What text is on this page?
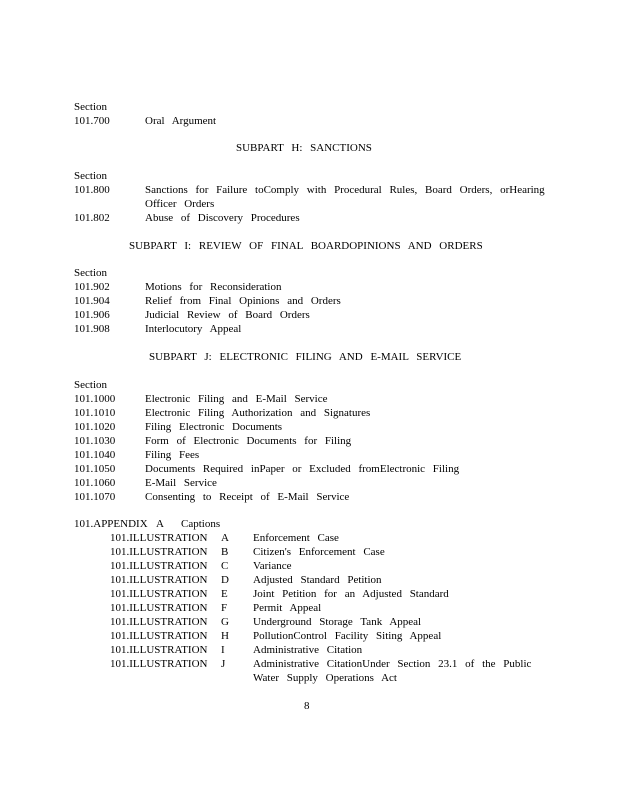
Section
101.700	Oral Argument
SUBPART H: SANCTIONS
Section
101.800	Sanctions for Failure toComply with Procedural Rules, Board Orders, orHearing
Officer Orders
101.802	Abuse of Discovery Procedures
SUBPART I: REVIEW OF FINAL BOARDOPINIONS AND ORDERS
Section
101.902	Motions for Reconsideration
101.904	Relief from Final Opinions and Orders
101.906	Judicial Review of Board Orders
101.908	Interlocutory Appeal
SUBPART J: ELECTRONIC FILING AND E-MAIL SERVICE
Section
101.1000	Electronic Filing and E-Mail Service
101.1010	Electronic Filing Authorization and Signatures
101.1020	Filing Electronic Documents
101.1030	Form of Electronic Documents for Filing
101.1040	Filing Fees
101.1050	Documents Required inPaper or Excluded fromElectronic Filing
101.1060	E-Mail Service
101.1070	Consenting to Receipt of E-Mail Service
101.APPENDIX A Captions
101.ILLUSTRATION A Enforcement Case
101.ILLUSTRATION B Citizen's Enforcement Case
101.ILLUSTRATION C Variance
101.ILLUSTRATION D Adjusted Standard Petition
101.ILLUSTRATION E Joint Petition for an Adjusted Standard
101.ILLUSTRATION F Permit Appeal
101.ILLUSTRATION G Underground Storage Tank Appeal
101.ILLUSTRATION H PollutionControl Facility Siting Appeal
101.ILLUSTRATION I	Administrative Citation
101.ILLUSTRATION J	Administrative CitationUnder Section 23.1 of the Public
Water Supply Operations Act
8
